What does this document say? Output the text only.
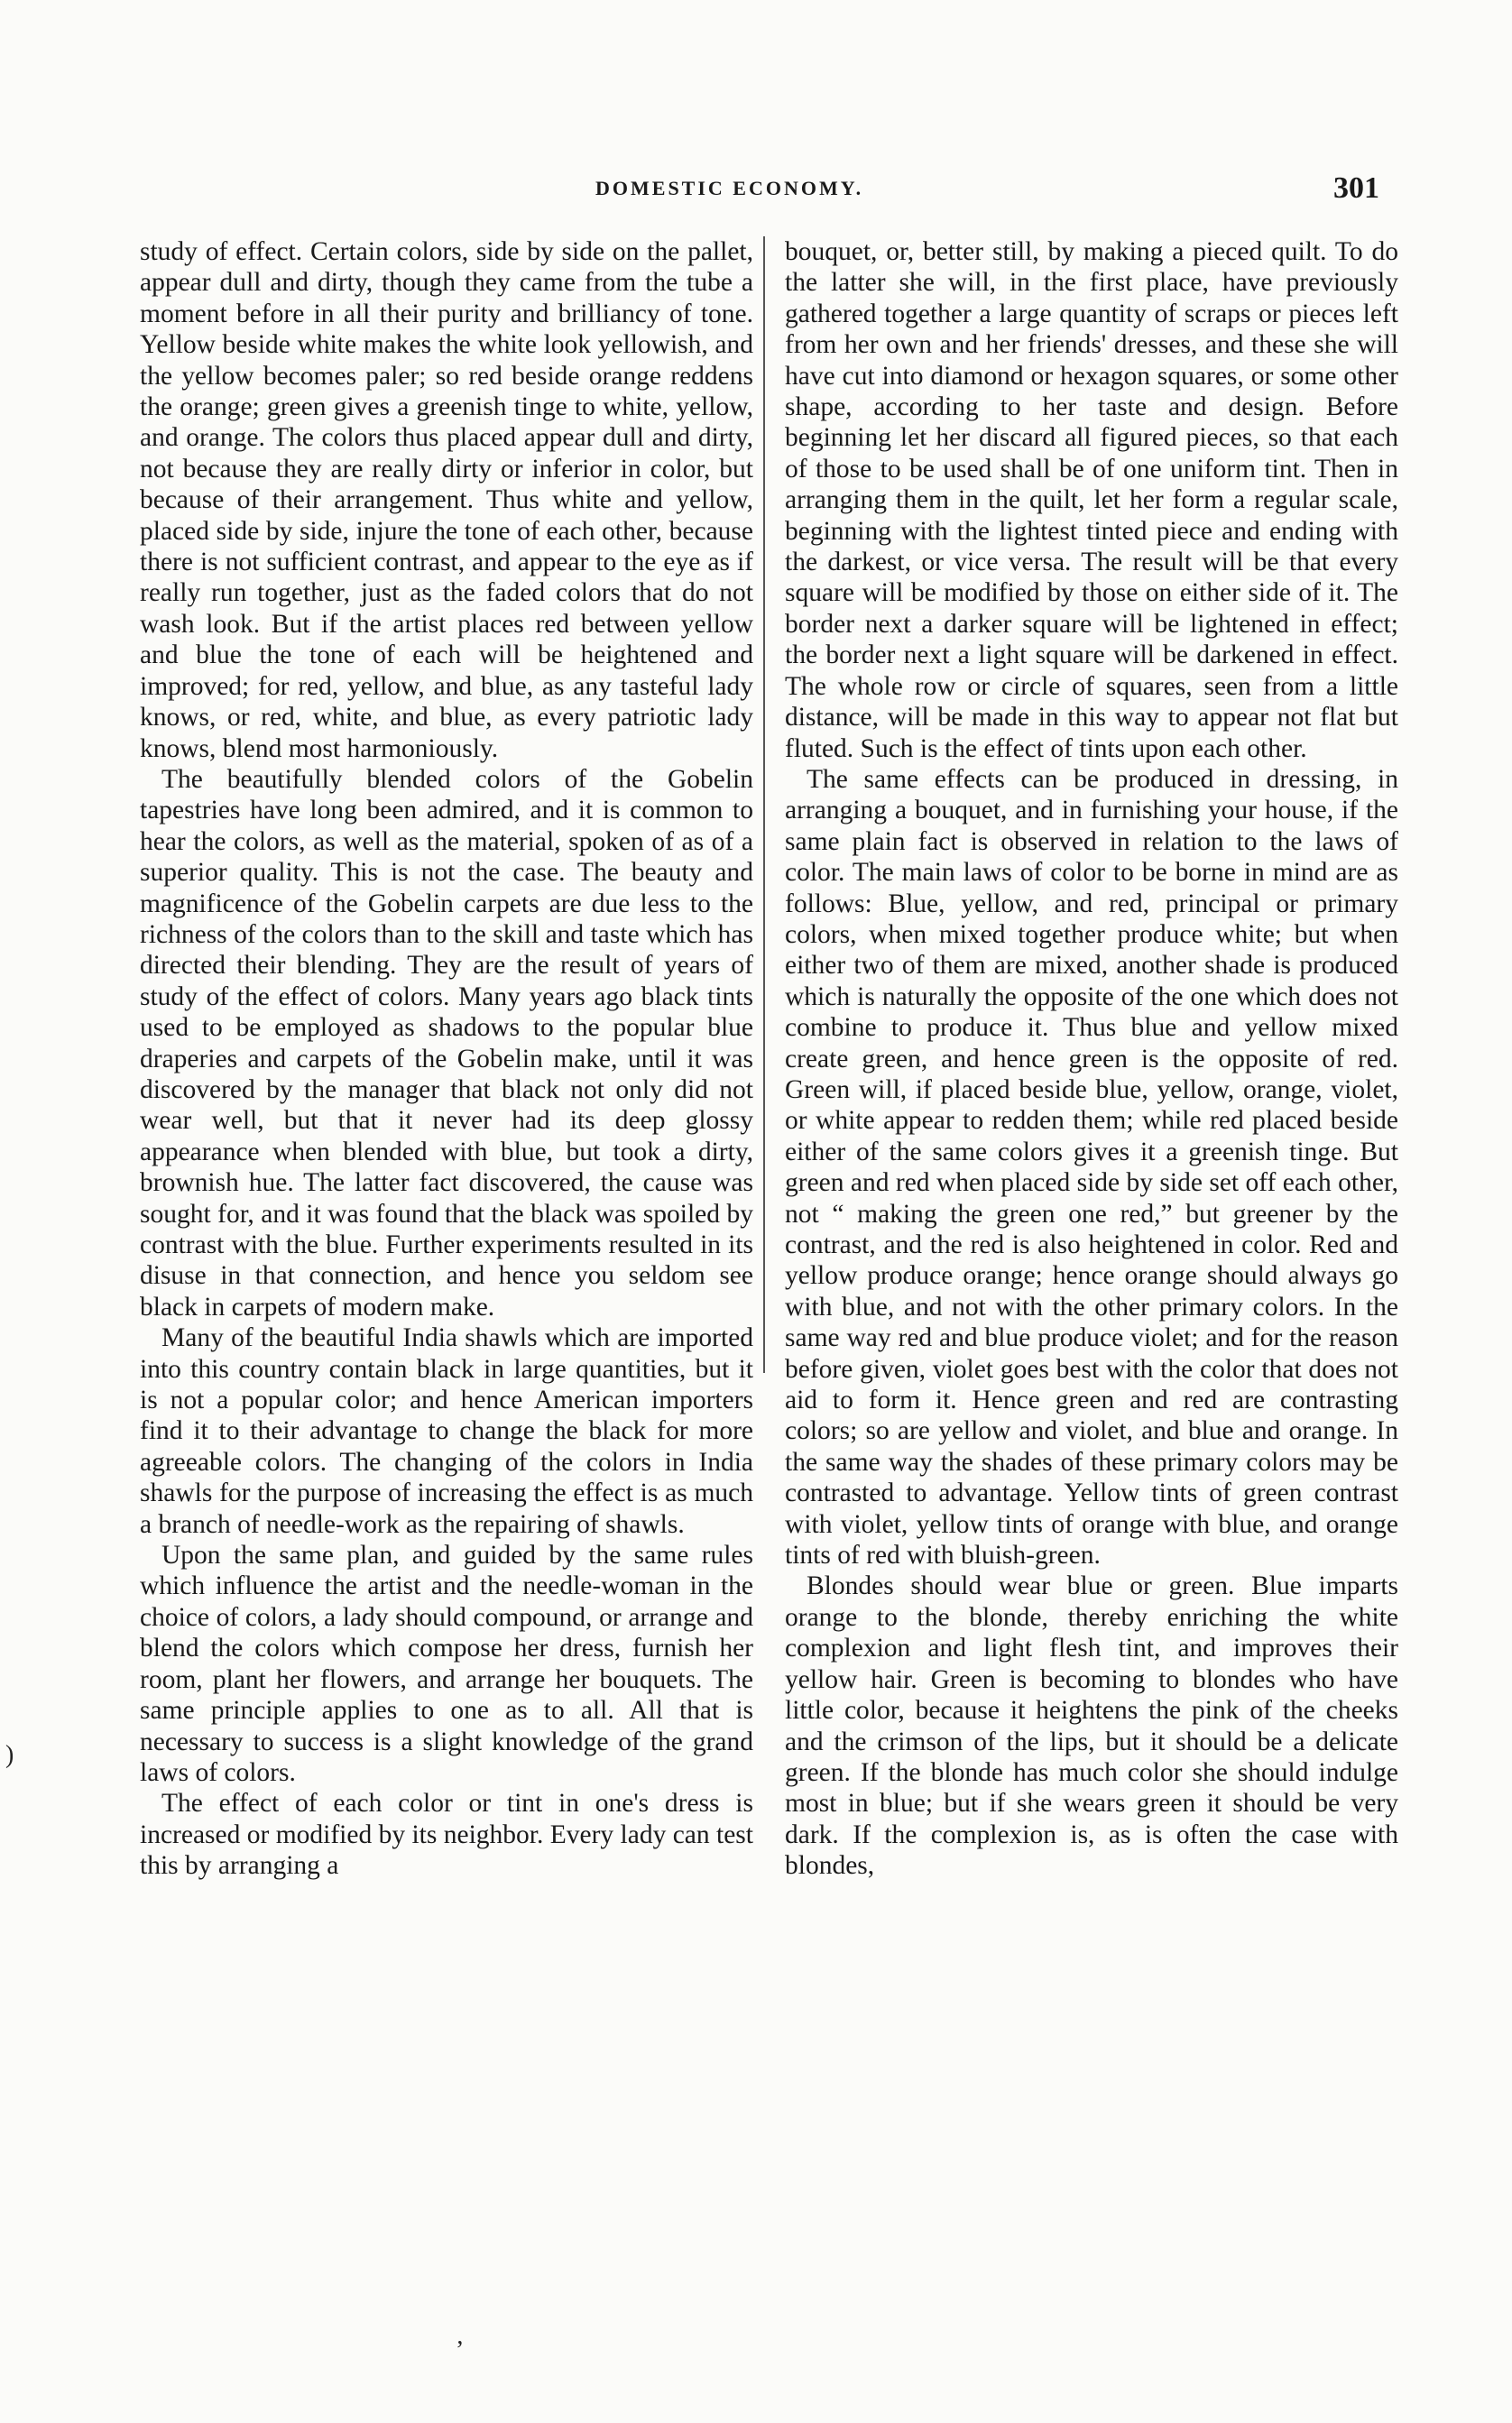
DOMESTIC ECONOMY.	301

study of effect. Certain colors, side by side on the pallet, appear dull and dirty, though they came from the tube a moment before in all their purity and brilliancy of tone. Yellow beside white makes the white look yellowish, and the yellow becomes paler; so red beside orange reddens the orange; green gives a greenish tinge to white, yellow, and orange. The colors thus placed appear dull and dirty, not because they are really dirty or inferior in color, but because of their arrangement. Thus white and yellow, placed side by side, injure the tone of each other, because there is not sufficient contrast, and appear to the eye as if really run together, just as the faded colors that do not wash look. But if the artist places red between yellow and blue the tone of each will be heightened and improved; for red, yellow, and blue, as any tasteful lady knows, or red, white, and blue, as every patriotic lady knows, blend most harmoniously.

The beautifully blended colors of the Gobelin tapestries have long been admired, and it is common to hear the colors, as well as the material, spoken of as of a superior quality. This is not the case. The beauty and magnificence of the Gobelin carpets are due less to the richness of the colors than to the skill and taste which has directed their blending. They are the result of years of study of the effect of colors. Many years ago black tints used to be employed as shadows to the popular blue draperies and carpets of the Gobelin make, until it was discovered by the manager that black not only did not wear well, but that it never had its deep glossy appearance when blended with blue, but took a dirty, brownish hue. The latter fact discovered, the cause was sought for, and it was found that the black was spoiled by contrast with the blue. Further experiments resulted in its disuse in that connection, and hence you seldom see black in carpets of modern make.

Many of the beautiful India shawls which are imported into this country contain black in large quantities, but it is not a popular color; and hence American importers find it to their advantage to change the black for more agreeable colors. The changing of the colors in India shawls for the purpose of increasing the effect is as much a branch of needle-work as the repairing of shawls.

Upon the same plan, and guided by the same rules which influence the artist and the needle-woman in the choice of colors, a lady should compound, or arrange and blend the colors which compose her dress, furnish her room, plant her flowers, and arrange her bouquets. The same principle applies to one as to all. All that is necessary to success is a slight knowledge of the grand laws of colors.

The effect of each color or tint in one's dress is increased or modified by its neighbor. Every lady can test this by arranging a

bouquet, or, better still, by making a pieced quilt. To do the latter she will, in the first place, have previously gathered together a large quantity of scraps or pieces left from her own and her friends' dresses, and these she will have cut into diamond or hexagon squares, or some other shape, according to her taste and design. Before beginning let her discard all figured pieces, so that each of those to be used shall be of one uniform tint. Then in arranging them in the quilt, let her form a regular scale, beginning with the lightest tinted piece and ending with the darkest, or vice versa. The result will be that every square will be modified by those on either side of it. The border next a darker square will be lightened in effect; the border next a light square will be darkened in effect. The whole row or circle of squares, seen from a little distance, will be made in this way to appear not flat but fluted. Such is the effect of tints upon each other.

The same effects can be produced in dressing, in arranging a bouquet, and in furnishing your house, if the same plain fact is observed in relation to the laws of color. The main laws of color to be borne in mind are as follows: Blue, yellow, and red, principal or primary colors, when mixed together produce white; but when either two of them are mixed, another shade is produced which is naturally the opposite of the one which does not combine to produce it. Thus blue and yellow mixed create green, and hence green is the opposite of red. Green will, if placed beside blue, yellow, orange, violet, or white appear to redden them; while red placed beside either of the same colors gives it a greenish tinge. But green and red when placed side by side set off each other, not “ making the green one red,” but greener by the contrast, and the red is also heightened in color. Red and yellow produce orange; hence orange should always go with blue, and not with the other primary colors. In the same way red and blue produce violet; and for the reason before given, violet goes best with the color that does not aid to form it. Hence green and red are contrasting colors; so are yellow and violet, and blue and orange. In the same way the shades of these primary colors may be contrasted to advantage. Yellow tints of green contrast with violet, yellow tints of orange with blue, and orange tints of red with bluish-green.

Blondes should wear blue or green. Blue imparts orange to the blonde, thereby enriching the white complexion and light flesh tint, and improves their yellow hair. Green is becoming to blondes who have little color, because it heightens the pink of the cheeks and the crimson of the lips, but it should be a delicate green. If the blonde has much color she should indulge most in blue; but if she wears green it should be very dark. If the complexion is, as is often the case with blondes,

)
ʼ
